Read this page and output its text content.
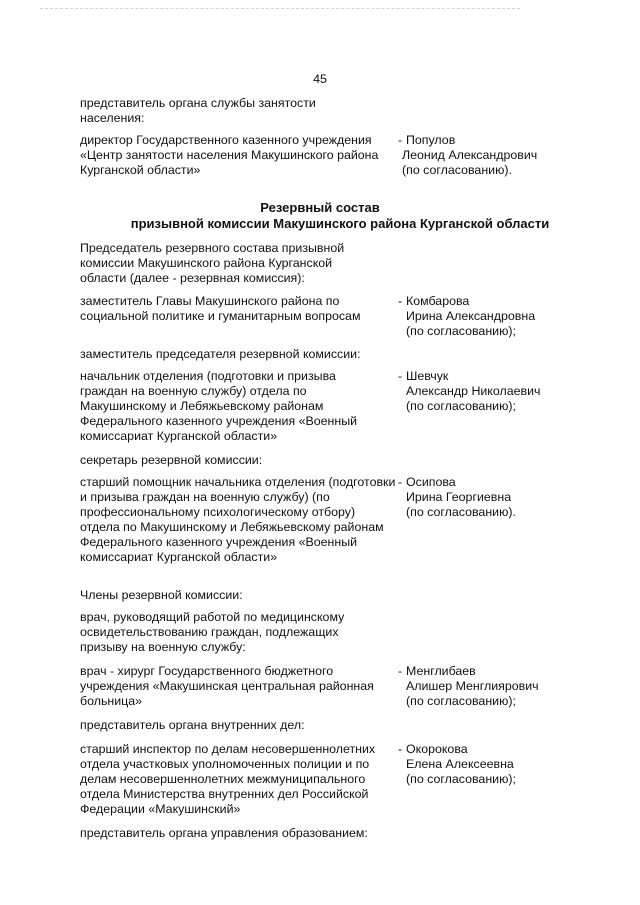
45
представитель органа службы занятости населения:
директор Государственного казенного учреждения «Центр занятости населения Макушинского района Курганской области»
- Популов
Леонид Александрович
(по согласованию).
Резервный состав
призывной комиссии Макушинского района Курганской области
Председатель резервного состава призывной комиссии Макушинского района Курганской области (далее - резервная комиссия):
заместитель Главы Макушинского района по социальной политике и гуманитарным вопросам
- Комбарова
Ирина Александровна
(по согласованию);
заместитель председателя резервной комиссии:
начальник отделения (подготовки и призыва граждан на военную службу) отдела по Макушинскому и Лебяжьевскому районам Федерального казенного учреждения «Военный комиссариат Курганской области»
- Шевчук
Александр Николаевич
(по согласованию);
секретарь резервной комиссии:
старший помощник начальника отделения (подготовки и призыва граждан на военную службу) (по профессиональному психологическому отбору) отдела по Макушинскому и Лебяжьевскому районам Федерального казенного учреждения «Военный комиссариат Курганской области»
- Осипова
Ирина Георгиевна
(по согласованию).
Члены резервной комиссии:
врач, руководящий работой по медицинскому освидетельствованию граждан, подлежащих призыву на военную службу:
врач - хирург Государственного бюджетного учреждения «Макушинская центральная районная больница»
- Менглибаев
Алишер Менглиярович
(по согласованию);
представитель органа внутренних дел:
старший инспектор по делам несовершеннолетних отдела участковых уполномоченных полиции и по делам несовершеннолетних межмуниципального отдела Министерства внутренних дел Российской Федерации «Макушинский»
- Окорокова
Елена Алексеевна
(по согласованию);
представитель органа управления образованием:
